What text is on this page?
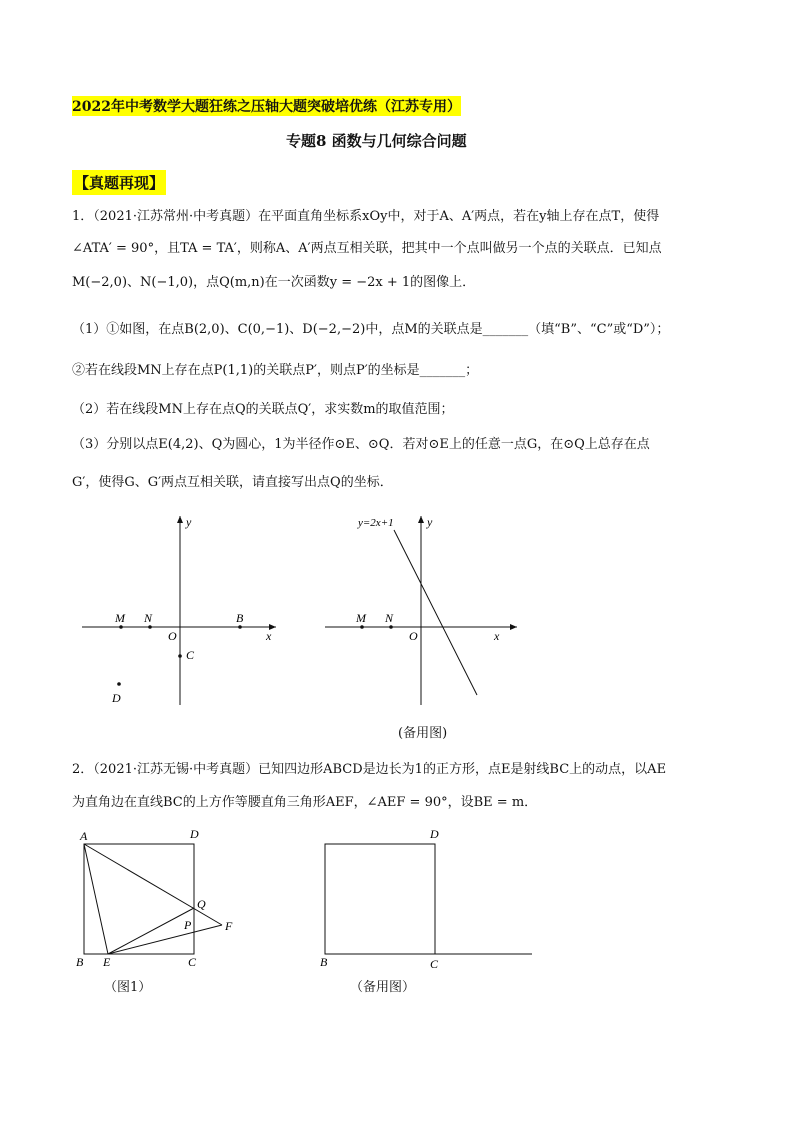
2022年中考数学大题狂练之压轴大题突破培优练（江苏专用）
专题8 函数与几何综合问题
【真题再现】
1．（2021·江苏常州·中考真题）在平面直角坐标系xOy中，对于A、A′两点，若在y轴上存在点T，使得
∠ATA′ = 90°，且TA = TA′，则称A、A′两点互相关联，把其中一个点叫做另一个点的关联点．已知点
M(−2,0)、N(−1,0)，点Q(m,n)在一次函数y = −2x + 1的图像上．
（1）①如图，在点B(2,0)、C(0,−1)、D(−2,−2)中，点M的关联点是_______（填“B”、“C”或“D”）；
②若在线段MN上存在点P(1,1)的关联点P′，则点P′的坐标是_______；
（2）若在线段MN上存在点Q的关联点Q′，求实数m的取值范围；
（3）分别以点E(4,2)、Q为圆心，1为半径作⊙E、⊙Q．若对⊙E上的任意一点G，在⊙Q上总存在点
G′，使得G、G′两点互相关联，请直接写出点Q的坐标．
y
x
O
M N	B
C
D
y=2x+1	y
x
O
M N
(备用图)
2．（2021·江苏无锡·中考真题）已知四边形ABCD是边长为1的正方形，点E是射线BC上的动点，以AE
为直角边在直线BC的上方作等腰直角三角形AEF，∠AEF = 90°，设BE = m．
A	D
Q
P	F
B E	C
D
B	C
（图1）	（备用图）
